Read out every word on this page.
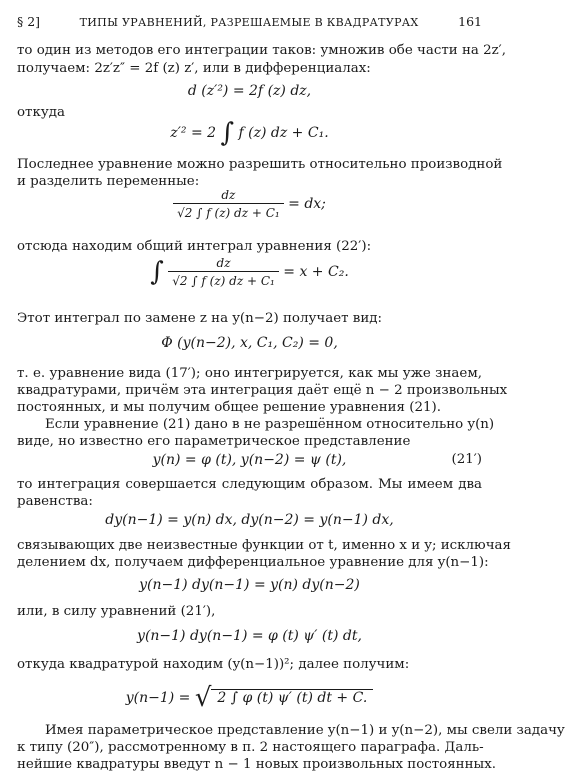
§ 2]	ТИПЫ УРАВНЕНИЙ, РАЗРЕШАЕМЫЕ В КВАДРАТУРАХ	161
то один из методов его интеграции таков: умножив обе части на 2z′,
получаем: 2z′z″ = 2f (z) z′, или в дифференциалах:
d (z′²) = 2f (z) dz,
откуда
z′² = 2 ∫ f (z) dz + C₁.
Последнее уравнение можно разрешить относительно производной
и разделить переменные:
$\frac{dz}{\text{√2 ∫ f (z) dz + C₁}}$ = dx;
отсюда находим общий интеграл уравнения (22′):
∫ $\frac{dz}{\text{√2 ∫ f (z) dz + C₁}} = x + C_2$.
Этот интеграл по замене z на y(n−2) получает вид:
Φ (y(n−2), x, C₁, C₂) = 0,
т. е. уравнение вида (17′); оно интегрируется, как мы уже знаем,
квадратурами, причём эта интеграция даёт ещё n − 2 произвольных
постоянных, и мы получим общее решение уравнения (21).
Если уравнение (21) дано в не разрешённом относительно y(n)
виде, но известно его параметрическое представление
y(n) = φ (t), y(n−2) = ψ (t),	(21′)
то интеграция совершается следующим образом. Мы имеем два
равенства:
dy(n−1) = y(n) dx, dy(n−2) = y(n−1) dx,
связывающих две неизвестные функции от t, именно x и y; исключая
делением dx, получаем дифференциальное уравнение для y(n−1):
y(n−1) dy(n−1) = y(n) dy(n−2)
или, в силу уравнений (21′),
y(n−1) dy(n−1) = φ (t) ψ′ (t) dt,
откуда квадратурой находим (y(n−1))²; далее получим:
y(n−1) = √ 2 ∫ φ (t) ψ′ (t) dt + C.
Имея параметрическое представление y(n−1) и y(n−2), мы свели задачу
к типу (20″), рассмотренному в п. 2 настоящего параграфа. Даль-
нейшие квадратуры введут n − 1 новых произвольных постоянных.
